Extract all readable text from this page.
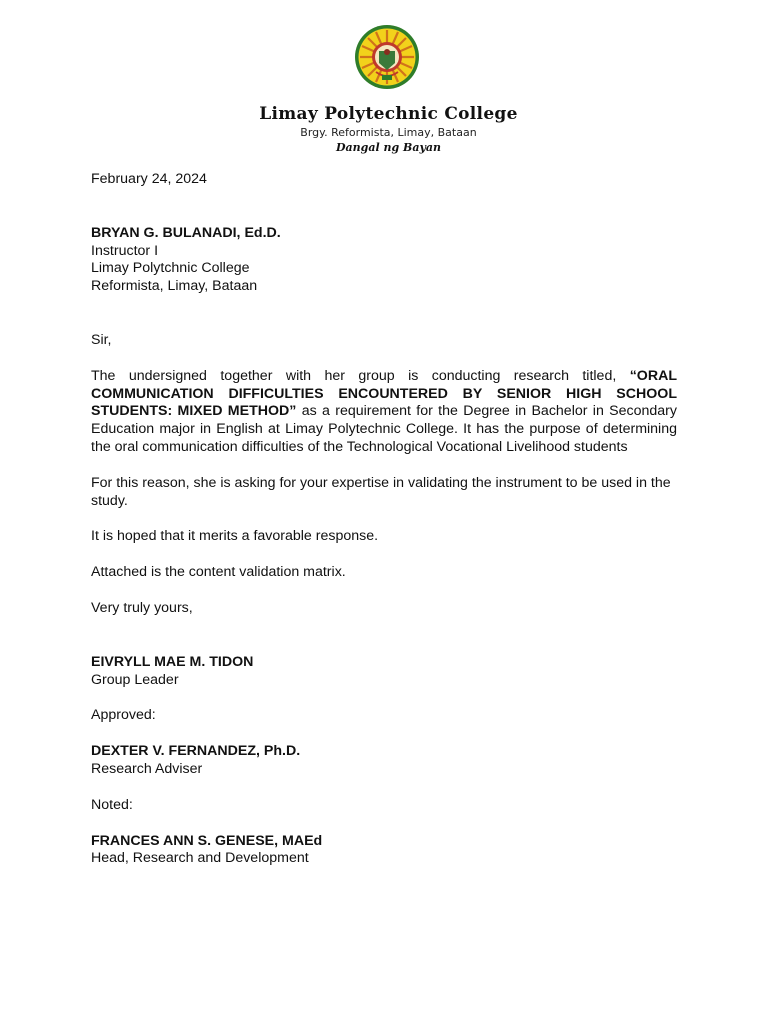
Limay Polytechnic College
Brgy. Reformista, Limay, Bataan
Dangal ng Bayan

February 24, 2024

BRYAN G. BULANADI, Ed.D.

Instructor I

Limay Polytchnic College

Reformista, Limay, Bataan

Sir,

The undersigned together with her group is conducting research titled, “ORAL COMMUNICATION DIFFICULTIES ENCOUNTERED BY SENIOR HIGH SCHOOL STUDENTS: MIXED METHOD” as a requirement for the Degree in Bachelor in Secondary Education major in English at Limay Polytechnic College. It has the purpose of determining the oral communication difficulties of the Technological Vocational Livelihood students

For this reason, she is asking for your expertise in validating the instrument to be used in the study.

It is hoped that it merits a favorable response.

Attached is the content validation matrix.

Very truly yours,

EIVRYLL MAE M. TIDON

Group Leader

Approved:

DEXTER V. FERNANDEZ, Ph.D.

Research Adviser

Noted:

FRANCES ANN S. GENESE, MAEd

Head, Research and Development
